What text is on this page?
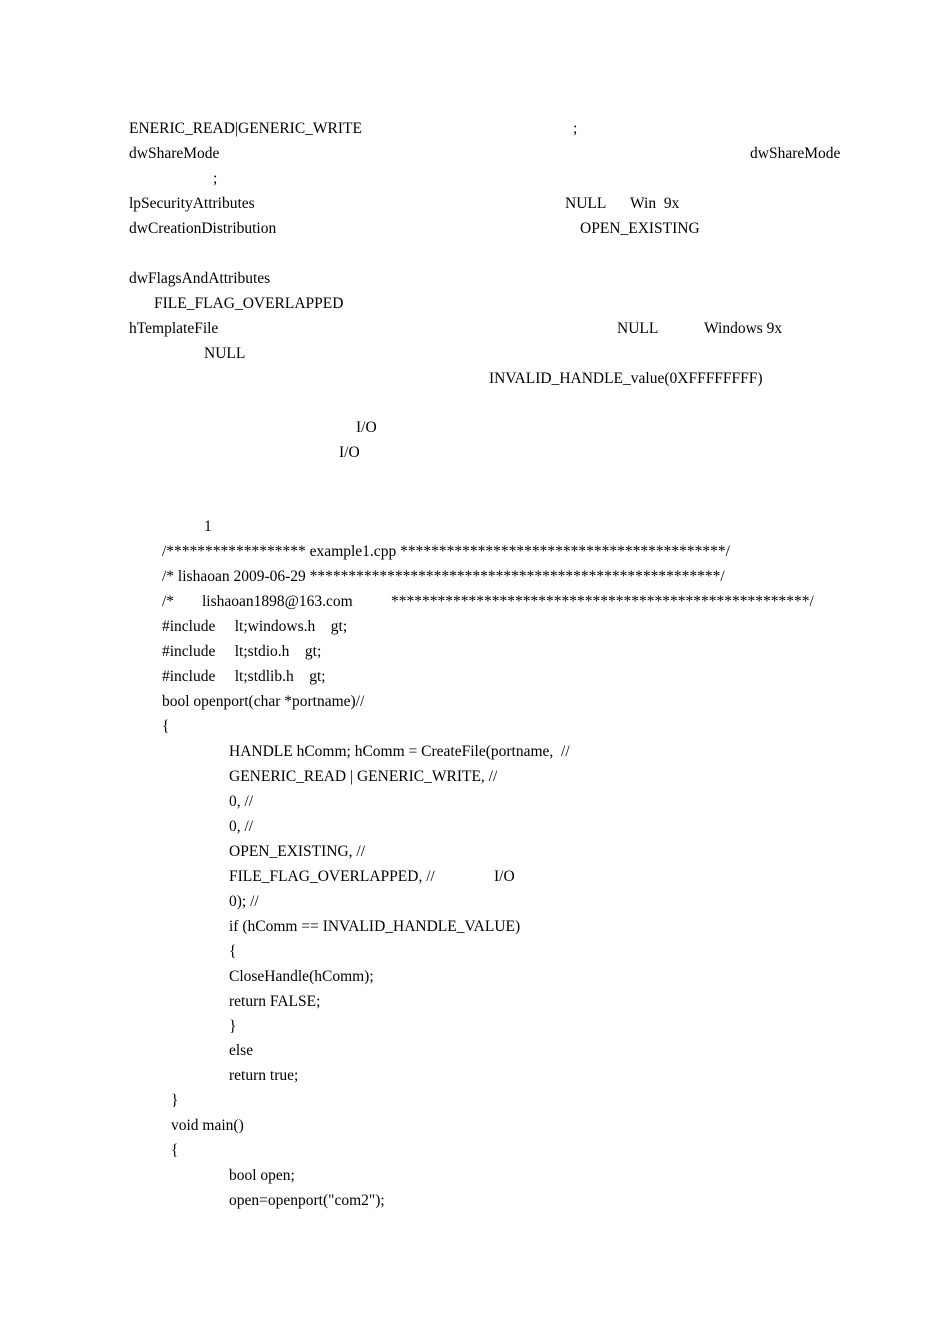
ENERIC_READ|GENERIC_WRITE	;

dwShareMode	dwShareMode

;

lpSecurityAttributes	NULL Win  9x

dwCreationDistribution	OPEN_EXISTING

dwFlagsAndAttributes

FILE_FLAG_OVERLAPPED

hTemplateFile	NULL	Windows 9x

NULL

INVALID_HANDLE_value(0XFFFFFFFF)

I/O

I/O

1

/****************** example1.cpp ******************************************/

/* lishaoan 2009-06-29 *****************************************************/

/* lishaoan1898@163.com ******************************************************/

#include     lt;windows.h    gt;

#include     lt;stdio.h    gt;

#include     lt;stdlib.h    gt;

bool openport(char *portname)//

{

HANDLE hComm; hComm = CreateFile(portname,  //

GENERIC_READ | GENERIC_WRITE, //

0, //

0, //

OPEN_EXISTING, //

FILE_FLAG_OVERLAPPED, //	I/O

0); //

if (hComm == INVALID_HANDLE_VALUE)

{

CloseHandle(hComm);

return FALSE;

}

else

return true;

}

void main()

{

bool open;

open=openport("com2");
